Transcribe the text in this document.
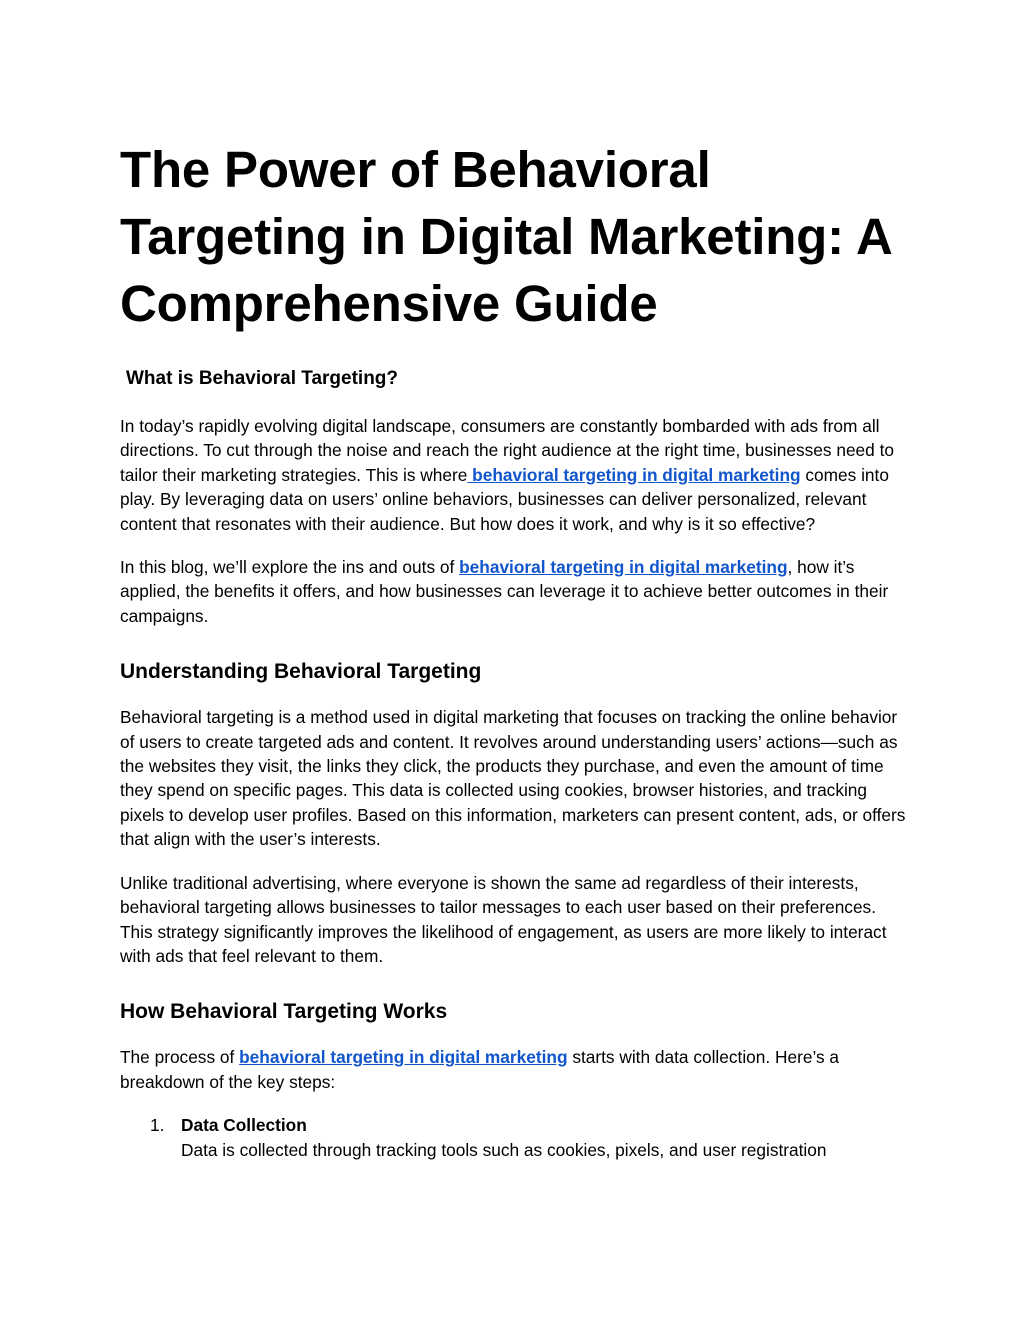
The Power of Behavioral Targeting in Digital Marketing: A Comprehensive Guide
What is Behavioral Targeting?

In today’s rapidly evolving digital landscape, consumers are constantly bombarded with ads from all directions. To cut through the noise and reach the right audience at the right time, businesses need to tailor their marketing strategies. This is where behavioral targeting in digital marketing comes into play. By leveraging data on users’ online behaviors, businesses can deliver personalized, relevant content that resonates with their audience. But how does it work, and why is it so effective?

In this blog, we’ll explore the ins and outs of behavioral targeting in digital marketing, how it’s applied, the benefits it offers, and how businesses can leverage it to achieve better outcomes in their campaigns.

Understanding Behavioral Targeting

Behavioral targeting is a method used in digital marketing that focuses on tracking the online behavior of users to create targeted ads and content. It revolves around understanding users’ actions—such as the websites they visit, the links they click, the products they purchase, and even the amount of time they spend on specific pages. This data is collected using cookies, browser histories, and tracking pixels to develop user profiles. Based on this information, marketers can present content, ads, or offers that align with the user’s interests.

Unlike traditional advertising, where everyone is shown the same ad regardless of their interests, behavioral targeting allows businesses to tailor messages to each user based on their preferences. This strategy significantly improves the likelihood of engagement, as users are more likely to interact with ads that feel relevant to them.

How Behavioral Targeting Works

The process of behavioral targeting in digital marketing starts with data collection. Here’s a breakdown of the key steps:

1. Data Collection
Data is collected through tracking tools such as cookies, pixels, and user registration
